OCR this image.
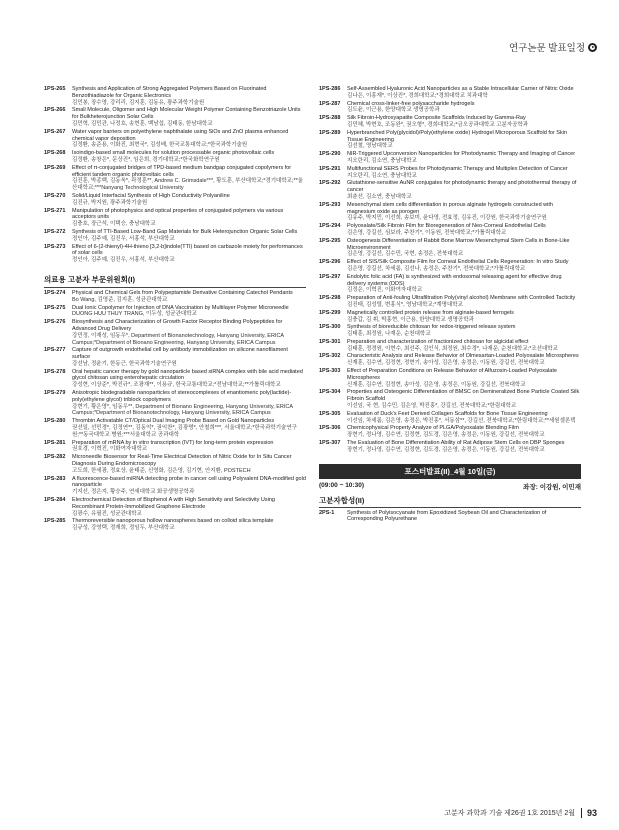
연구논문 발표일정
1PS-265	Synthesis and Application of Strong Aggregated Polymers Based on Fluorinated Benzothiadiazole for Organic Electronics
김민봉, 장수영, 강리리, 김지훈, 김동유, 광주과학기술원
1PS-266	Small Molecule, Oligomer and High Molecular Weight Polymer Containing Benzotriazole Units for Bulkheterojunction Solar Cells
김민혁, 김민관, 나정호, 송현훈, 백남섭, 김태동, 한남대학교
1PS-267	Water vapor barriers on polyethylene naphthalate using SiOx and ZnO plasma enhanced chemical vapor deposition
김정환, 송준용, 이화진, 최현국*, 김성배, 한국교통대학교;*한국과학기술원
1PS-268	Isoindigo-based small molecules for solution processable organic photovoltaic cells
김정환, 송창은*, 문상진*, 임은희, 경기대학교;*한국화학연구원
1PS-269	Effect of π-conjugated bridges of TPD-based medium bandgap conjugated copolymers for efficient tandem organic photovoltaic cells
김진훈, 박종백, 김동욱*, 곽정훈**, Andrew C. Grimsdale***, 황도훈, 부산대학교;*경기대학교;**울산대학교;***Nanyang Technological University
1PS-270	Solid/Liquid Interfacial Synthesis of High Conductivity Polyaniline
김진규, 박지원, 광주과학기술원
1PS-271	Manipulation of photophysics and optical properties of conjugated polymers via various acceptors units
김충호, 장근석, 이택승, 충남대학교
1PS-272	Synthesis of TTI-Based Low-Band Gap Materials for Bulk Heterojunction Organic Solar Cells
정인아, 김주예, 김진우, 서홍석, 부산대학교
1PS-273	Effect of 6-(2-thienyl)-4H-thieno [3,2-b]indole(TTI) based on carbazole moiety for performances of solar cells
정인아, 김주예, 김진우, 서홍석, 부산대학교
의료용 고분자 부문위원회(I)
1PS-274	Physical and Chemical Gels from Polypeptamide Derivative Containing Catechol Pendants
Bo Wang, 김영준, 김지훈, 성균관대학교
1PS-275	Dual Ionic Copolymer for Injection of DNA Vaccination by Multilayer Polymer Microneedle
DUONG HUU THUY TRANG, 이두성, 성균관대학교
1PS-276	Biosynthesis and Characterization of Growth Factor Receptor Binding Polypeptides for Advanced Drug Delivery
강민정, 이재성, 임동우*, Department of Bionanotechnology, Hanyang University, ERICA Campus;*Department of Bionano Engineering, Hanyang University, ERICA Campus
1PS-277	Capture of outgrowth endothelial cell by antibody immobilization on silicone nanofilament surface
강선남, 정윤기, 한동근, 한국과학기술연구원
1PS-278	Oral hepatic cancer therapy by gold nanoparticle based siRNA complex with bile acid mediated glycol chitosan using enterohepatic circulation
강성현, 이상준*, 박진규*, 조광재**, 이용규, 한국교통대학교;*전남대학교;**가톨릭대학교
1PS-279	Anisotropic biodegradable nanoparticles of stereocomplexes of enantiomeric poly(lactide)-poly(ethylene glycol) triblock copolymers
강현기, 황은영*, 임동우**, Department of Bionano Engineering, Hanyang University, ERICA Campus;*Department of Bionanotechnology, Hanyang University, ERICA Campus
1PS-280	Thrombin Activatable CT/Optical Dual Imaging Probe Based on Gold Nanoparticles
권선일, 선민경*, 김정연**, 김동억*, 권익찬*, 김광명*, 안철희***, 서울대학교;*한국과학기술연구원;**동국대학교 병원;***서울대학교 공과대학
1PS-281	Preparation of mRNA by in vitro transcription (IVT) for long-term protein expression
권호경, 이혁진, 이화여자대학교
1PS-282	Microneedle Biosensor for Real-Time Electrical Detection of Nitric Oxide for In Situ Cancer Diagnosis During Endomicroscopy
고도희, 한세광, 정효상, 윤태준, 신영화, 김은영, 김기현, 안지환, POSTECH
1PS-283	A fluorescence-based miRNA detecting probe in cancer cell using Polyvalent DNA-modified gold nanoparticle
기지선, 정은지, 황승주, 연세대학교 화공생명공학과
1PS-284	Electrochemical Detection of Bisphenol A with High Sensitivity and Selectivity Using Recombinant Protein-Immobilized Graphene Electrode
김광수, 유필진, 성균관대학교
1PS-285	Thermoreversible nanoporous hollow nanospheres based on colloid silica template
김규성, 강영택, 정재희, 정임두, 부산대학교
1PS-286	Self-Assembled Hyaluronic Acid Nanoparticles as a Stable Intracellular Carrier of Nitric Oxide
김나은, 이흥재*, 이상진*, 경희대학교;*경희대학교 치과대학
1PS-287	Chemical cross-linker-free polysaccharide hydrogels
김도윤, 이근용, 한양대학교 생명공학과
1PS-288	Silk Fibroin-Hydroxyapatite Composite Scaffolds Induced by Gamma-Ray
김민혜, 박현호, 조동완*, 권오형*, 경희대학교;*금오공과대학교 고분자공학과
1PS-289	Hyperbranched Poly(glycidol)/Poly(ethylene oxide) Hydrogel Microporous Scaffold for Skin Tissue Engineering
김선철, 영남대학교
1PS-290	NIR-Triggered Upconversion Nanoparticles for Photodynamic Therapy and Imaging of Cancer
지오란리, 김소연, 충남대학교
1PS-291	Multifunctional SERS Probes for Photodynamic Therapy and Multiplex Detection of Cancer
지오란리, 김소연, 충남대학교
1PS-292	Glutathione-sensitive AuNR conjugates for photodynamic therapy and photothermal therapy of cancer
최춘선, 김소연, 충남대학교
1PS-293	Mesenchymal stem cells differentiation in porous alginate hydrogels constructed with magnesium oxide as porogen
김유주, 박지민, 이선희, 송보미, 윤다영, 전효정, 김유진, 이강원, 한국과학기술연구원
1PS-294	Polyoxalate/Silk Fibroin Film for Bioregeneration of Neo-Corneal Endothelial Cells
김은영, 강길선, 심보라, 주찬기*, 이동원, 전북대학교;*가톨릭대학교
1PS-295	Osteogenesis Differentiation of Rabbit Bone Marrow Mesenchymal Stem Cells in Bone-Like Microenvironment
김은영, 강길선, 김수민, 국현, 송정은, 전북대학교
1PS-296	Effect of SIS/Silk Composite Film for Corneal Endothelial Cells Regeneration: In vitro Study
김은영, 강길선, 차세롬, 김선나, 송정은, 주찬기*, 전북대학교;*가톨릭대학교
1PS-297	Endolytic folic acid (FA) is synthesized with endosomal releasing agent for effective drug delivery systems (DDS)
김정은, 이혁진, 이화여자대학교
1PS-298	Preparation of Anti-fouling Ultrafiltration Poly(vinyl alcohol) Membrane with Controlled Tacticity
김진태, 김성렬, 변홍식*, 영남대학교;*계명대학교
1PS-299	Magnetically controlled protein release from alginate-based ferrogels
김충갑, 김 휘, 박홍현, 이근용, 한양대학교 생명공학과
1PS-300	Synthesis of bioreducible chitosan for redox-triggered release system
김태훈, 최정원, 나재운, 순천대학교
1PS-301	Preparation and characterization of fractionized chitosan for algicidal effect
김태훈, 정경원, 이현수, 최선주, 김인식, 최정원, 최수경*, 나재운, 순천대학교;*조선대학교
1PS-302	Characteristic Analysis and Release Behavior of Olmesartan-Loaded Polyoxalate Microspheres
신재훈, 김수연, 김정현, 정현기, 송아성, 김은영, 송정은, 이동원, 강길선, 전북대학교
1PS-303	Effect of Preparation Conditions on Release Behavior of Alfuzosin-Loaded Polyoxalate Microspheres
신재훈, 김수연, 김정현, 송아성, 김은영, 송정은, 이동원, 강길선, 전북대학교
1PS-304	Properties and Osteogenic Differentiation of BMSC on Demineralized Bone Particle Coated Silk Fibroin Scaffold
이선임, 국 현, 김수민, 김은영, 박진홍*, 강길선, 전북대학교;*한림대학교
1PS-305	Evaluation of Duck's Feet Derived Collagen Scaffolds for Bone Tissue Engineering
이선임, 차세롬, 김은영, 송정은, 박진홍*, 서동삼**, 강길선, 전북대학교;*한림대학교;**세원셀론텍
1PS-306	Chemicophysical Property Analyze of PLGA/Polyoxalate Blending Film
장현기, 정나영, 김수연, 김정현, 김도경, 김은영, 송정은, 이동원, 강길선, 전북대학교
1PS-307	The Evaluation of Bone Differentiation Ability of Rat Adipose Stem Cells on DBP Sponges
장현기, 정나영, 김수연, 김정현, 김도경, 김은영, 송정은, 이동원, 강길선, 전북대학교
포스터발표(II)_4월 10일(금)
(09:00 ~ 10:30)	좌장: 이강원, 이민재
고분자합성(II)
2PS-1	Synthesis of Polyisocyanate from Epoxidized Soybean Oil and Characterization of Corresponding Polyurethane
고분자 과학과 기술 제26권 1호 2015년 2월	93
